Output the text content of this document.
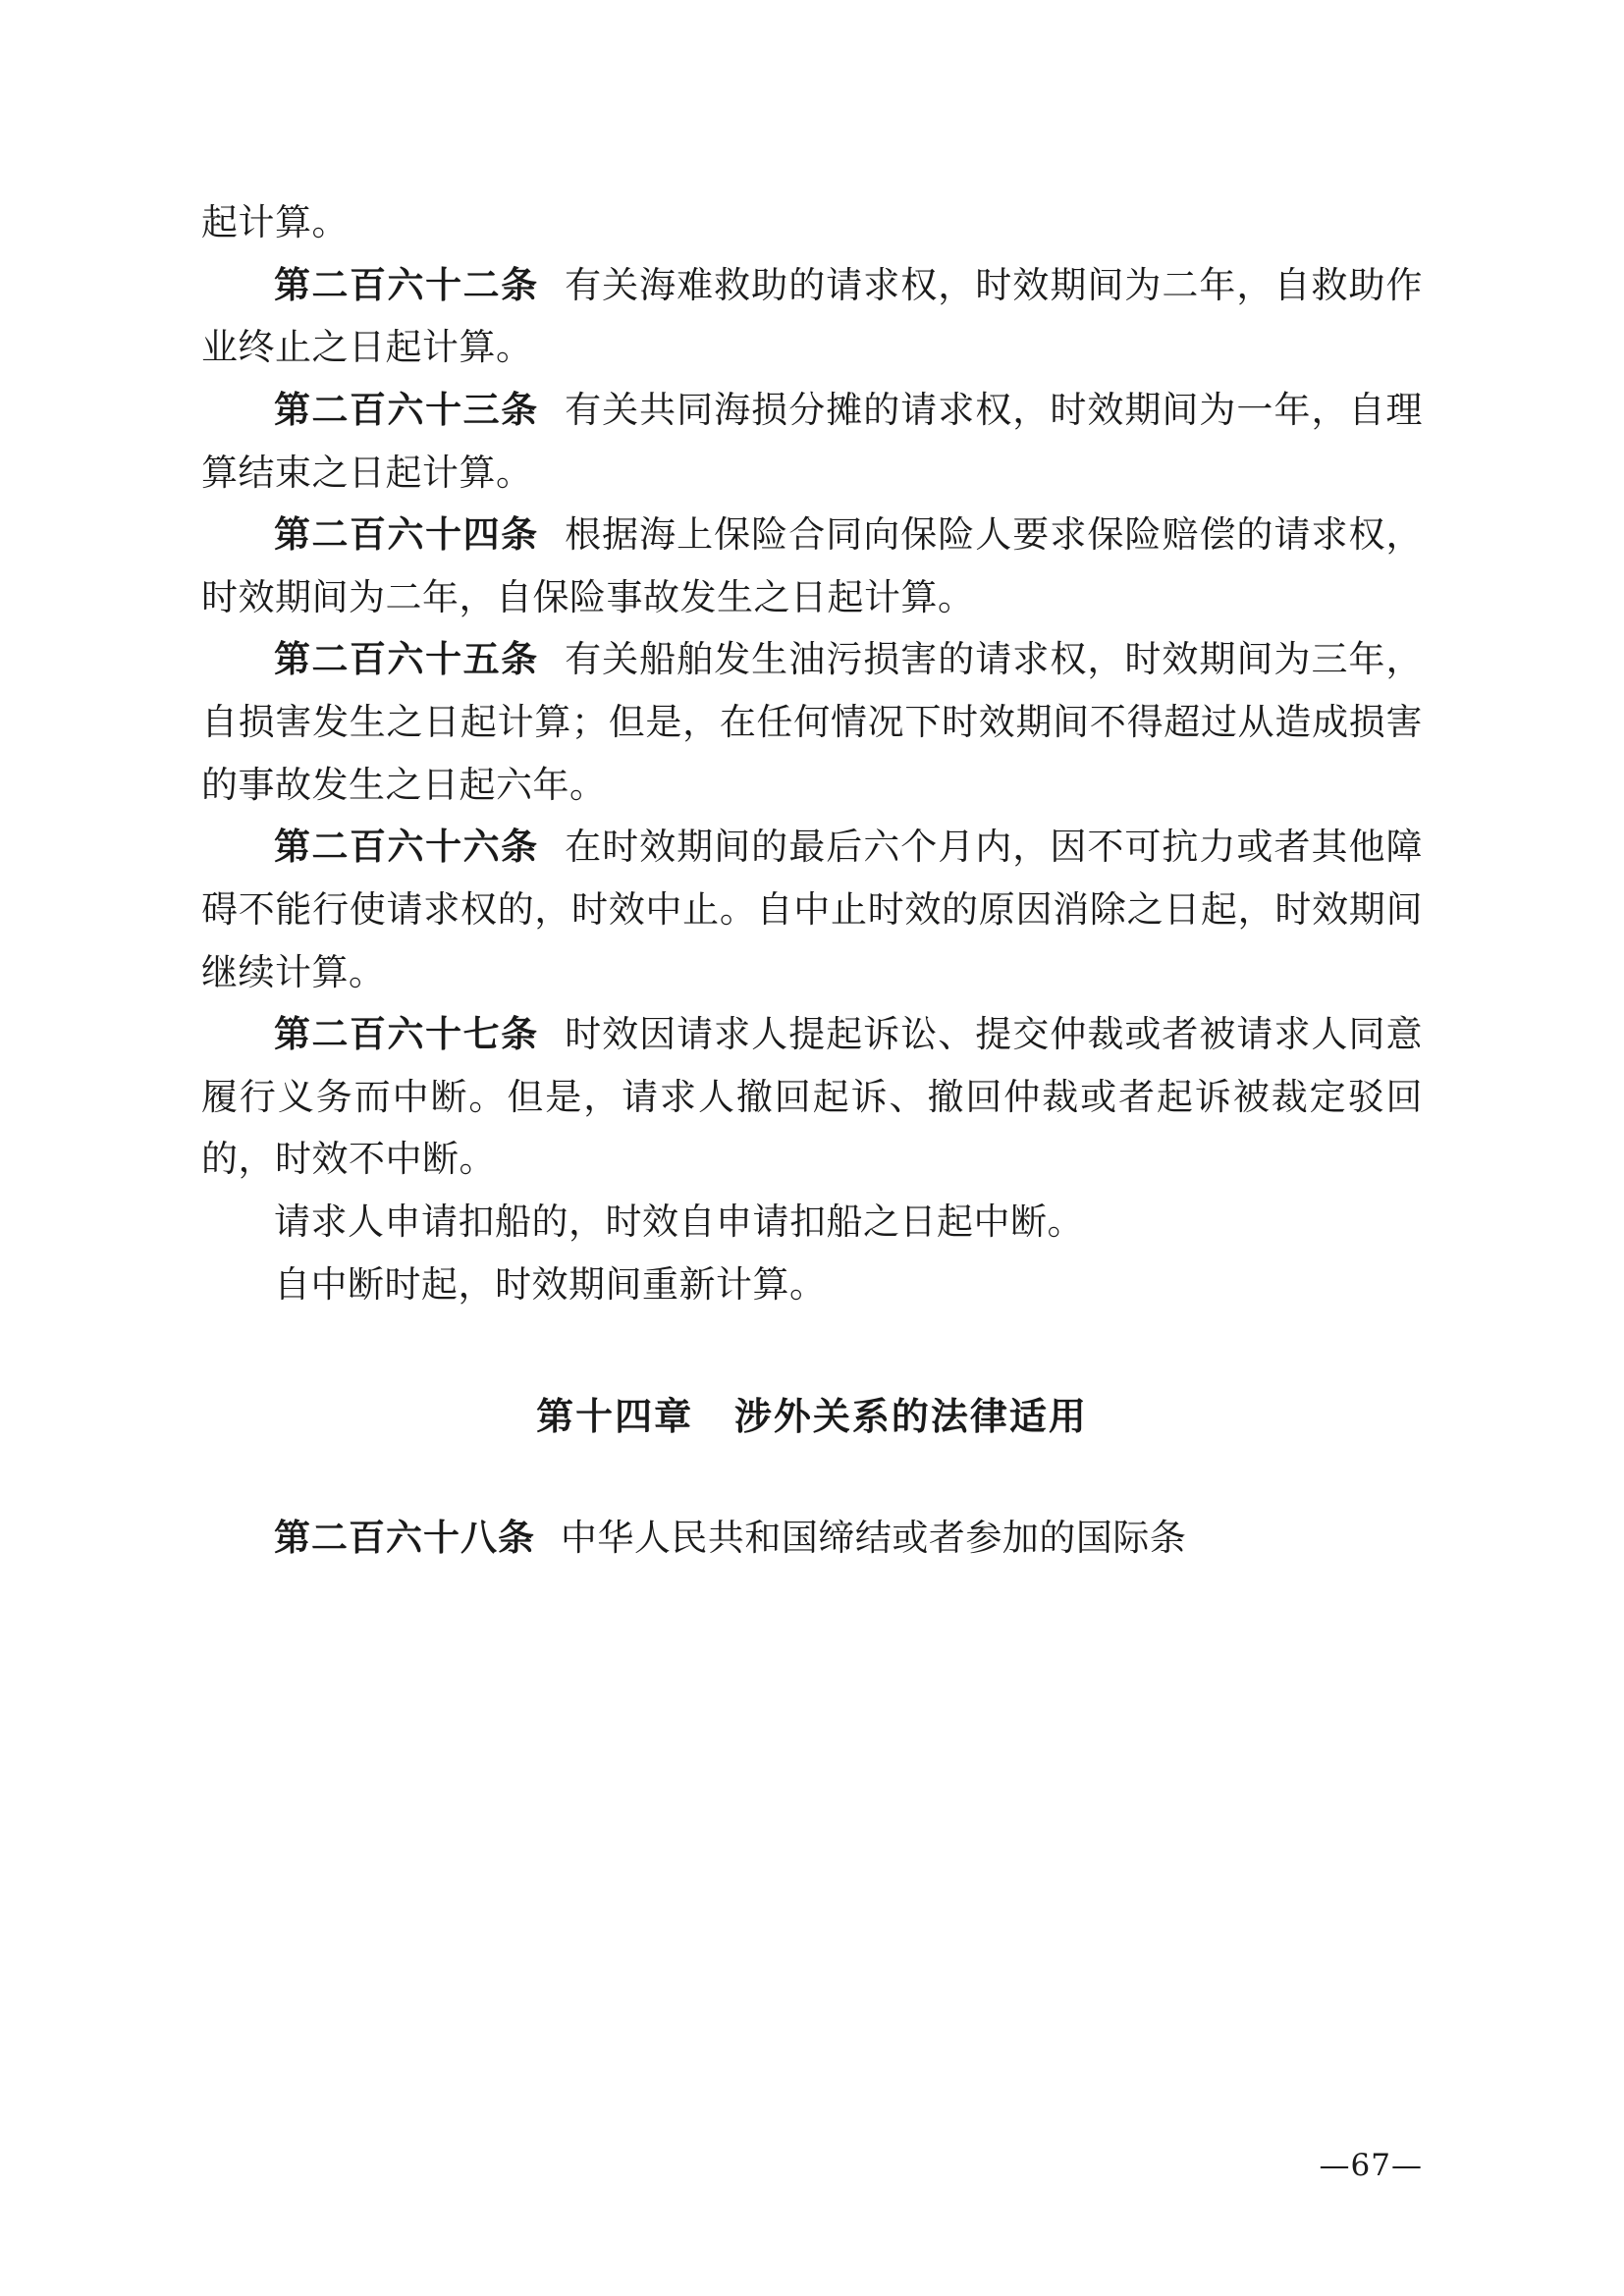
起计算。

第二百六十二条 有关海难救助的请求权，时效期间为二年，自救助作业终止之日起计算。

第二百六十三条 有关共同海损分摊的请求权，时效期间为一年，自理算结束之日起计算。

第二百六十四条 根据海上保险合同向保险人要求保险赔偿的请求权，时效期间为二年，自保险事故发生之日起计算。

第二百六十五条 有关船舶发生油污损害的请求权，时效期间为三年，自损害发生之日起计算；但是，在任何情况下时效期间不得超过从造成损害的事故发生之日起六年。

第二百六十六条 在时效期间的最后六个月内，因不可抗力或者其他障碍不能行使请求权的，时效中止。自中止时效的原因消除之日起，时效期间继续计算。

第二百六十七条 时效因请求人提起诉讼、提交仲裁或者被请求人同意履行义务而中断。但是，请求人撤回起诉、撤回仲裁或者起诉被裁定驳回的，时效不中断。

请求人申请扣船的，时效自申请扣船之日起中断。

自中断时起，时效期间重新计算。

第十四章 涉外关系的法律适用

第二百六十八条 中华人民共和国缔结或者参加的国际条

—67—
